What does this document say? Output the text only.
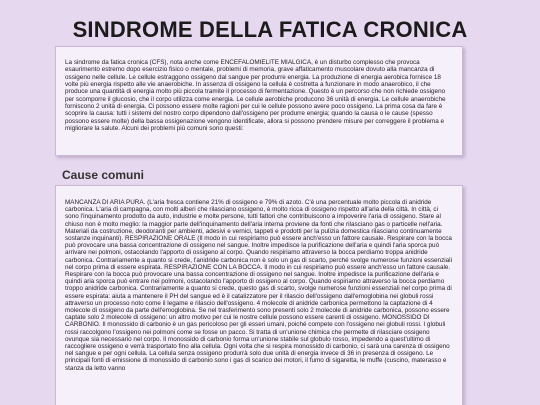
SINDROME DELLA FATICA CRONICA

La sindrome da fatica cronica (CFS), nota anche come ENCEFALOMIELITE MIALGICA, è un disturbo complesso che provoca esaurimento estremo dopo esercizio fisico o mentale, problemi di memoria, grave affaticamento muscolare dovuto alla mancanza di ossigeno nelle cellule. Le cellule estraggono ossigeno dal sangue per produrre energia. La produzione di energia aerobica fornisce 18 volte più energia rispetto alle vie anaerobiche. In assenza di ossigeno la cellula è costretta a funzionare in modo anaerobico, il che produce una quantità di energia molto più piccola tramite il processo di fermentazione. Questo è un percorso che non richiede ossigeno per scomporre il glucosio, che il corpo utilizza come energia. Le cellule aerobiche producono 36 unità di energia. Le cellule anaerobiche forniscono 2 unità di energia. Ci possono essere molte ragioni per cui le cellule possono avere poco ossigeno. La prima cosa da fare è scoprire la causa: tutti i sistemi del nostro corpo dipendono dall'ossigeno per produrre energia; quando la causa o le cause (spesso possono essere molte) della bassa ossigenazione vengono identificate, allora si possono prendere misure per correggere il problema e migliorare la salute. Alcuni dei problemi più comuni sono questi:

Cause comuni

MANCANZA DI ARIA PURA. (L'aria fresca contiene 21% di ossigeno e 79% di azoto. C'è una percentuale molto piccola di anidride carbonica. L'aria di campagna, con molti alberi che rilasciano ossigeno, è molto ricca di ossigeno rispetto all'aria della città. In città, ci sono l'inquinamento prodotto da auto, industrie e molte persone, tutti fattori che contribuiscono a impoverire l'aria di ossigeno. Stare al chiuso non è molto meglio: la maggior parte dell'inquinamento dell'aria interna proviene da fonti che rilasciano gas o particelle nell'aria. Materiali da costruzione, deodoranti per ambienti, adesivi e vernici, tappeti e prodotti per la pulizia domestica rilasciano continuamente sostanze inquinanti). RESPIRAZIONE ORALE (Il modo in cui respiriamo può essere anch'esso un fattore causale. Respirare con la bocca può provocare una bassa concentrazione di ossigeno nel sangue. Inoltre impedisce la purificazione dell'aria e quindi l'aria sporca può arrivare nei polmoni, ostacolando l'apporto di ossigeno al corpo. Quando respiriamo attraverso la bocca perdiamo troppa anidride carbonica. Contrariamente a quanto si crede, l'anidride carbonica non è solo un gas di scarto, perché svolge numerose funzioni essenziali nel corpo prima di essere espirata. RESPIRAZIONE CON LA BOCCA. Il modo in cui respiriamo può essere anch'esso un fattore causale. Respirare con la bocca può provocare una bassa concentrazione di ossigeno nel sangue. Inoltre impedisce la purificazione dell'aria e quindi aria sporca può entrare nei polmoni, ostacolando l'apporto di ossigeno al corpo. Quando espiriamo attraverso la bocca perdiamo troppo anidride carbonica. Contrariamente a quanto si crede, questo gas di scarto, svolge numerose funzioni essenziali nel corpo prima di essere espirata: aiuta a mantenere il PH del sangue ed è il catalizzatore per il rilascio dell'ossigeno dall'emoglobina nei globuli rossi attraverso un processo noto come il legame e rilascio dell'ossigeno. 4 molecole di anidride carbonica permettono la captazione di 4 molecole di ossigeno da parte dell'emoglobina. Se nel trasferimento sono presenti solo 2 molecole di anidride carbonica, possono essere captate solo 2 molecole di ossigeno: un altro motivo per cui le nostre cellule possono essere carenti di ossigeno. MONOSSIDO DI CARBONIO. Il monossido di carbonio è un gas pericoloso per gli esseri umani, poiché compete con l'ossigeno nei globuli rossi. I globuli rossi raccolgono l'ossigeno nei polmoni come se fosse un pacco. Si tratta di un'unione chimica che permette di rilasciare ossigeno ovunque sia necessario nel corpo. Il monossido di carbonio forma un'unione stabile sul globulo rosso, impedendo a quest'ultimo di raccogliere ossigeno e verrà trasportato fino alla cellula. Ogni volta che si respira monossido di carbonio, ci sarà una carenza di ossigeno nel sangue e per ogni cellula. La cellula senza ossigeno produrrà solo due unità di energia invece di 36 in presenza di ossigeno. Le principali fonti di emissione di monossido di carbonio sono i gas di scarico dei motori, il fumo di sigaretta, le muffe (cuscino, materasso e stanza da letto vanno
